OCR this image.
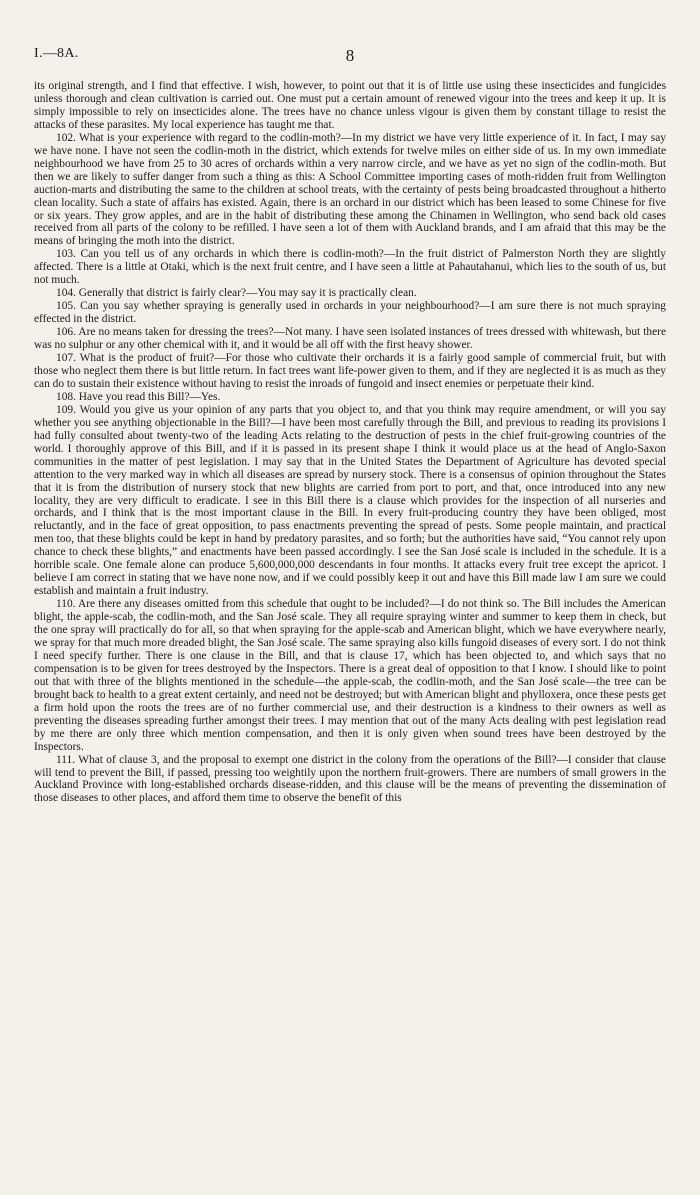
I.—8A.	8

its original strength, and I find that effective. I wish, however, to point out that it is of little use using these insecticides and fungicides unless thorough and clean cultivation is carried out. One must put a certain amount of renewed vigour into the trees and keep it up. It is simply impossible to rely on insecticides alone. The trees have no chance unless vigour is given them by constant tillage to resist the attacks of these parasites. My local experience has taught me that.

102. What is your experience with regard to the codlin-moth?—In my district we have very little experience of it. In fact, I may say we have none. I have not seen the codlin-moth in the district, which extends for twelve miles on either side of us. In my own immediate neighbourhood we have from 25 to 30 acres of orchards within a very narrow circle, and we have as yet no sign of the codlin-moth. But then we are likely to suffer danger from such a thing as this: A School Committee importing cases of moth-ridden fruit from Wellington auction-marts and distributing the same to the children at school treats, with the certainty of pests being broadcasted throughout a hitherto clean locality. Such a state of affairs has existed. Again, there is an orchard in our district which has been leased to some Chinese for five or six years. They grow apples, and are in the habit of distributing these among the Chinamen in Wellington, who send back old cases received from all parts of the colony to be refilled. I have seen a lot of them with Auckland brands, and I am afraid that this may be the means of bringing the moth into the district.

103. Can you tell us of any orchards in which there is codlin-moth?—In the fruit district of Palmerston North they are slightly affected. There is a little at Otaki, which is the next fruit centre, and I have seen a little at Pahautahanui, which lies to the south of us, but not much.

104. Generally that district is fairly clear?—You may say it is practically clean.

105. Can you say whether spraying is generally used in orchards in your neighbourhood?—I am sure there is not much spraying effected in the district.

106. Are no means taken for dressing the trees?—Not many. I have seen isolated instances of trees dressed with whitewash, but there was no sulphur or any other chemical with it, and it would be all off with the first heavy shower.

107. What is the product of fruit?—For those who cultivate their orchards it is a fairly good sample of commercial fruit, but with those who neglect them there is but little return. In fact trees want life-power given to them, and if they are neglected it is as much as they can do to sustain their existence without having to resist the inroads of fungoid and insect enemies or perpetuate their kind.

108. Have you read this Bill?—Yes.

109. Would you give us your opinion of any parts that you object to, and that you think may require amendment, or will you say whether you see anything objectionable in the Bill?—I have been most carefully through the Bill, and previous to reading its provisions I had fully consulted about twenty-two of the leading Acts relating to the destruction of pests in the chief fruit-growing countries of the world. I thoroughly approve of this Bill, and if it is passed in its present shape I think it would place us at the head of Anglo-Saxon communities in the matter of pest legislation. I may say that in the United States the Department of Agriculture has devoted special attention to the very marked way in which all diseases are spread by nursery stock. There is a consensus of opinion throughout the States that it is from the distribution of nursery stock that new blights are carried from port to port, and that, once introduced into any new locality, they are very difficult to eradicate. I see in this Bill there is a clause which provides for the inspection of all nurseries and orchards, and I think that is the most important clause in the Bill. In every fruit-producing country they have been obliged, most reluctantly, and in the face of great opposition, to pass enactments preventing the spread of pests. Some people maintain, and practical men too, that these blights could be kept in hand by predatory parasites, and so forth; but the authorities have said, “You cannot rely upon chance to check these blights,” and enactments have been passed accordingly. I see the San José scale is included in the schedule. It is a horrible scale. One female alone can produce 5,600,000,000 descendants in four months. It attacks every fruit tree except the apricot. I believe I am correct in stating that we have none now, and if we could possibly keep it out and have this Bill made law I am sure we could establish and maintain a fruit industry.

110. Are there any diseases omitted from this schedule that ought to be included?—I do not think so. The Bill includes the American blight, the apple-scab, the codlin-moth, and the San José scale. They all require spraying winter and summer to keep them in check, but the one spray will practically do for all, so that when spraying for the apple-scab and American blight, which we have everywhere nearly, we spray for that much more dreaded blight, the San José scale. The same spraying also kills fungoid diseases of every sort. I do not think I need specify further. There is one clause in the Bill, and that is clause 17, which has been objected to, and which says that no compensation is to be given for trees destroyed by the Inspectors. There is a great deal of opposition to that I know. I should like to point out that with three of the blights mentioned in the schedule—the apple-scab, the codlin-moth, and the San José scale—the tree can be brought back to health to a great extent certainly, and need not be destroyed; but with American blight and phylloxera, once these pests get a firm hold upon the roots the trees are of no further commercial use, and their destruction is a kindness to their owners as well as preventing the diseases spreading further amongst their trees. I may mention that out of the many Acts dealing with pest legislation read by me there are only three which mention compensation, and then it is only given when sound trees have been destroyed by the Inspectors.

111. What of clause 3, and the proposal to exempt one district in the colony from the operations of the Bill?—I consider that clause will tend to prevent the Bill, if passed, pressing too weightily upon the northern fruit-growers. There are numbers of small growers in the Auckland Province with long-established orchards disease-ridden, and this clause will be the means of preventing the dissemination of those diseases to other places, and afford them time to observe the benefit of this
